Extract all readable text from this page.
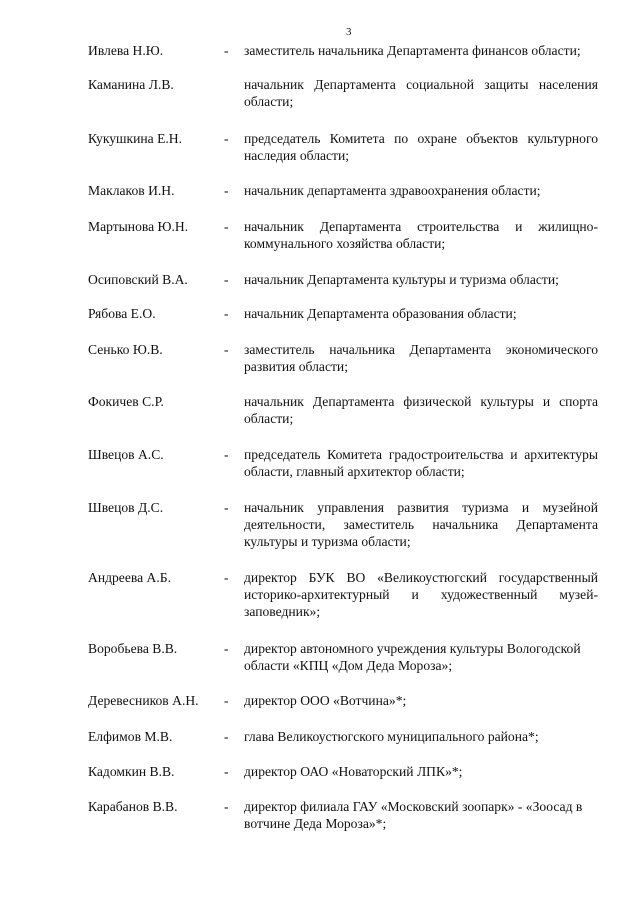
3
Ивлева Н.Ю.	- заместитель начальника Департамента финансов области;
Каманина Л.В.	начальник Департамента социальной защиты населения области;
Кукушкина Е.Н.	- председатель Комитета по охране объектов культурного наследия области;
Маклаков И.Н.	- начальник департамента здравоохранения области;
Мартынова Ю.Н.	- начальник Департамента строительства и жилищно-коммунального хозяйства области;
Осиповский В.А.	- начальник Департамента культуры и туризма области;
Рябова Е.О.	- начальник Департамента образования области;
Сенько Ю.В.	- заместитель начальника Департамента экономического развития области;
Фокичев С.Р.	начальник Департамента физической культуры и спорта области;
Швецов А.С.	- председатель Комитета градостроительства и архитектуры области, главный архитектор области;
Швецов Д.С.	- начальник управления развития туризма и музейной деятельности, заместитель начальника Департамента культуры и туризма области;
Андреева А.Б.	- директор БУК ВО «Великоустюгский государственный историко-архитектурный и художественный музей-заповедник»;
Воробьева В.В.	- директор автономного учреждения культуры Вологодской области «КПЦ «Дом Деда Мороза»;
Деревесников А.Н. - директор ООО «Вотчина»*;
Елфимов М.В.	- глава Великоустюгского муниципального района*;
Кадомкин В.В.	- директор ОАО «Новаторский ЛПК»*;
Карабанов В.В.	- директор филиала ГАУ «Московский зоопарк» - «Зоосад в вотчине Деда Мороза»*;
